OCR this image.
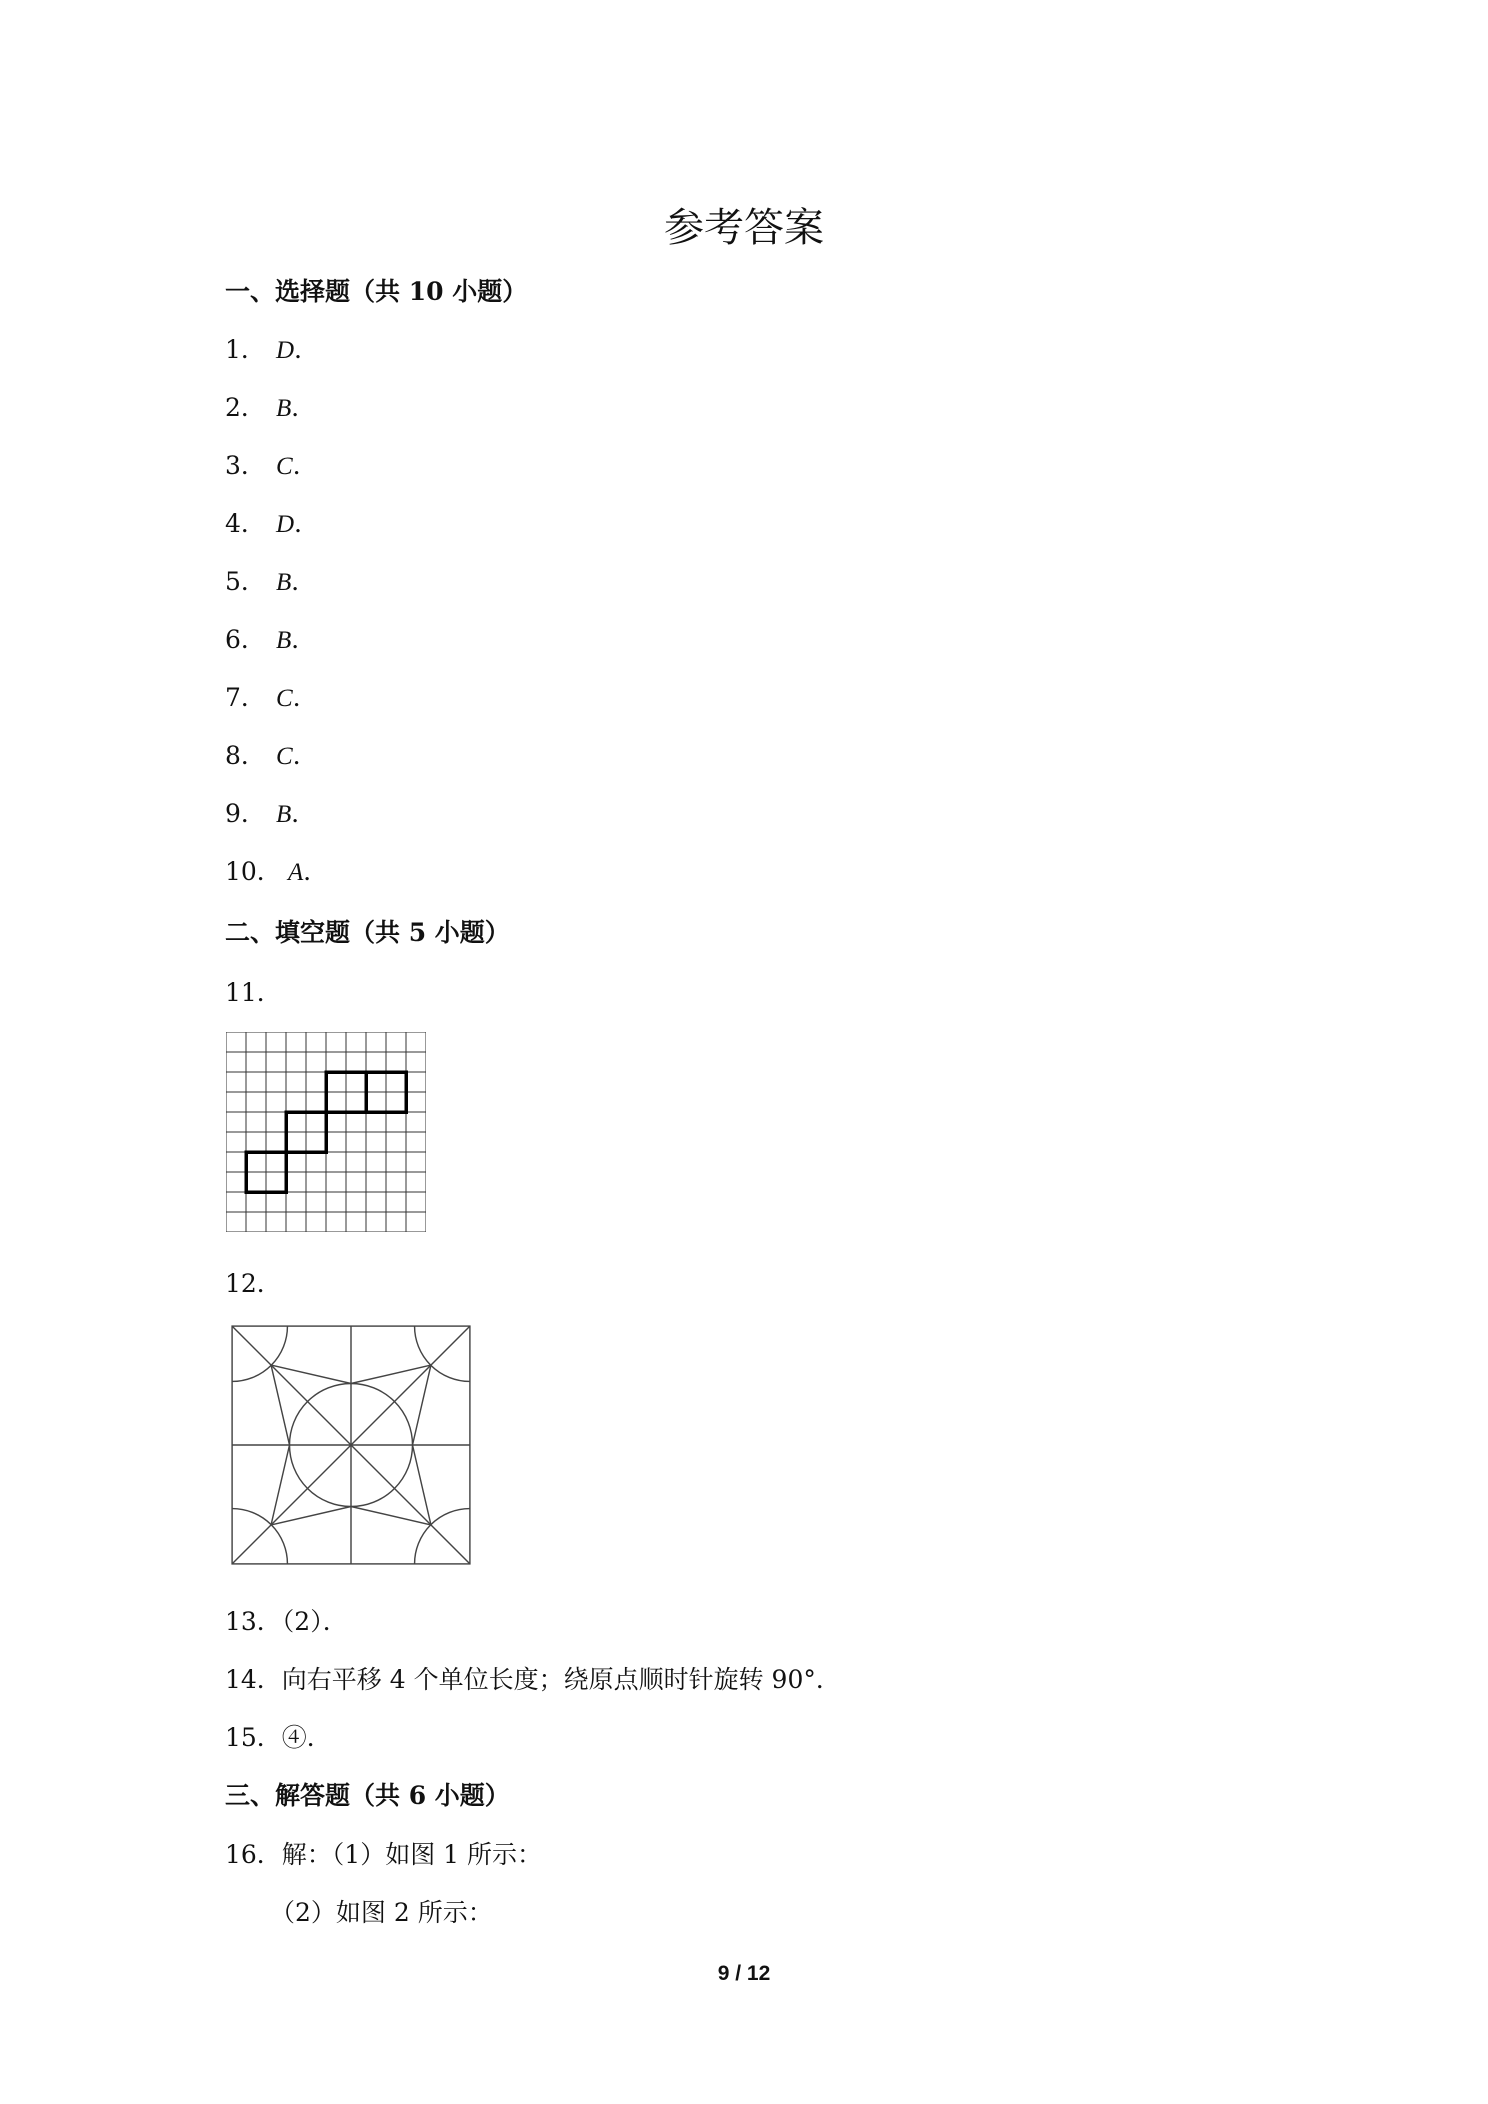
参考答案
一、选择题（共 10 小题）
1． D．
2． B．
3． C．
4． D．
5． B．
6． B．
7． C．
8． C．
9． B．
10． A．
二、填空题（共 5 小题）
11．
12．
13．（2）．
14．向右平移 4 个单位长度；绕原点顺时针旋转 90°．
15．④．
三、解答题（共 6 小题）
16．解：（1）如图 1 所示：
（2）如图 2 所示：
9 / 12
